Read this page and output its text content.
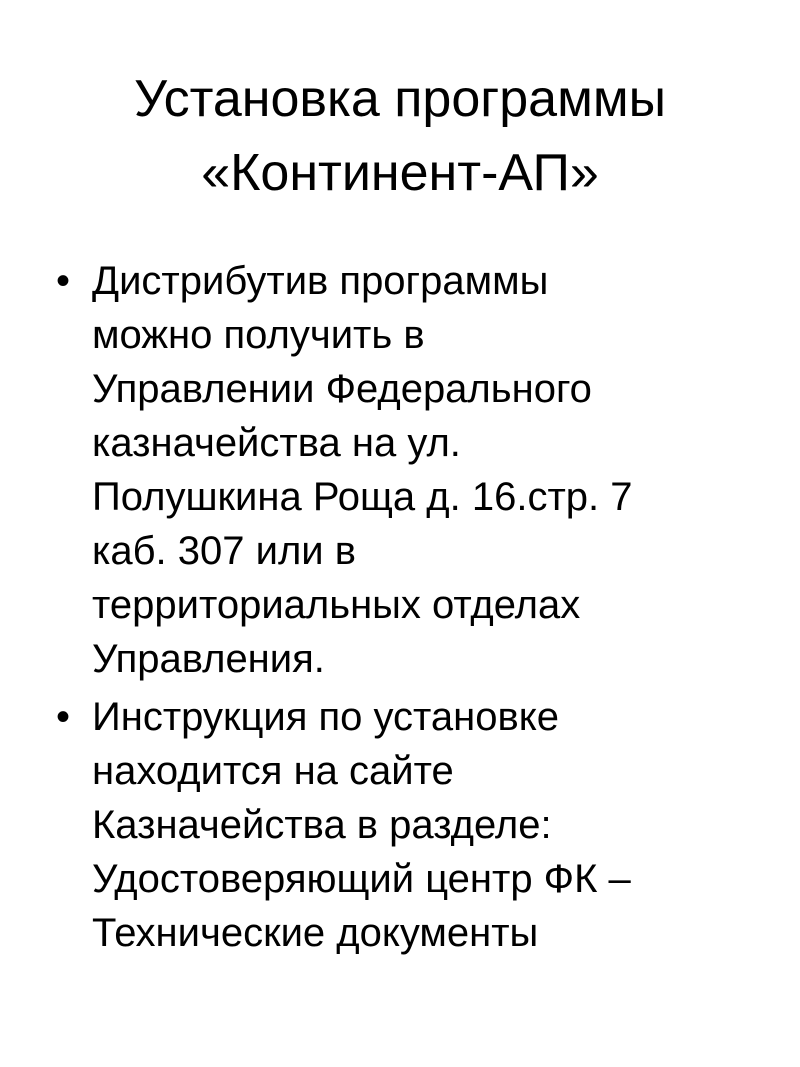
Установка программы
«Континент-АП»
• Дистрибутив программы
можно получить в
Управлении Федерального
казначейства на ул.
Полушкина Роща д. 16.стр. 7
каб. 307 или в
территориальных отделах
Управления.
• Инструкция по установке
находится на сайте
Казначейства в разделе:
Удостоверяющий центр ФК –
Технические документы
